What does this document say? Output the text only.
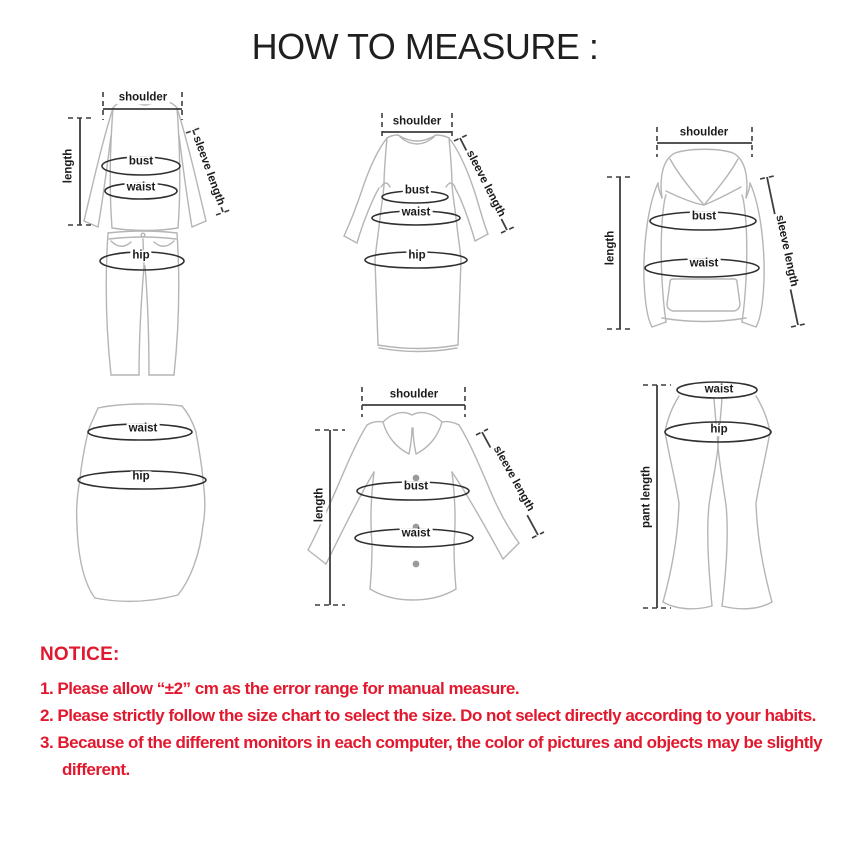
HOW TO MEASURE :
shoulder
length	bust
waist	sleeve length
hip
shoulder
bust
waist
hip
sleeve length
shoulder
length
bust
waist	sleeve length
waist
hip
shoulder
length
bust
waist
sleeve length
waist
hip
pant length

NOTICE:

1. Please allow “±2” cm as the error range for manual measure.

2. Please strictly follow the size chart to select the size. Do not select directly according to your habits.

3. Because of the different monitors in each computer, the color of pictures and objects may be slightly different.
